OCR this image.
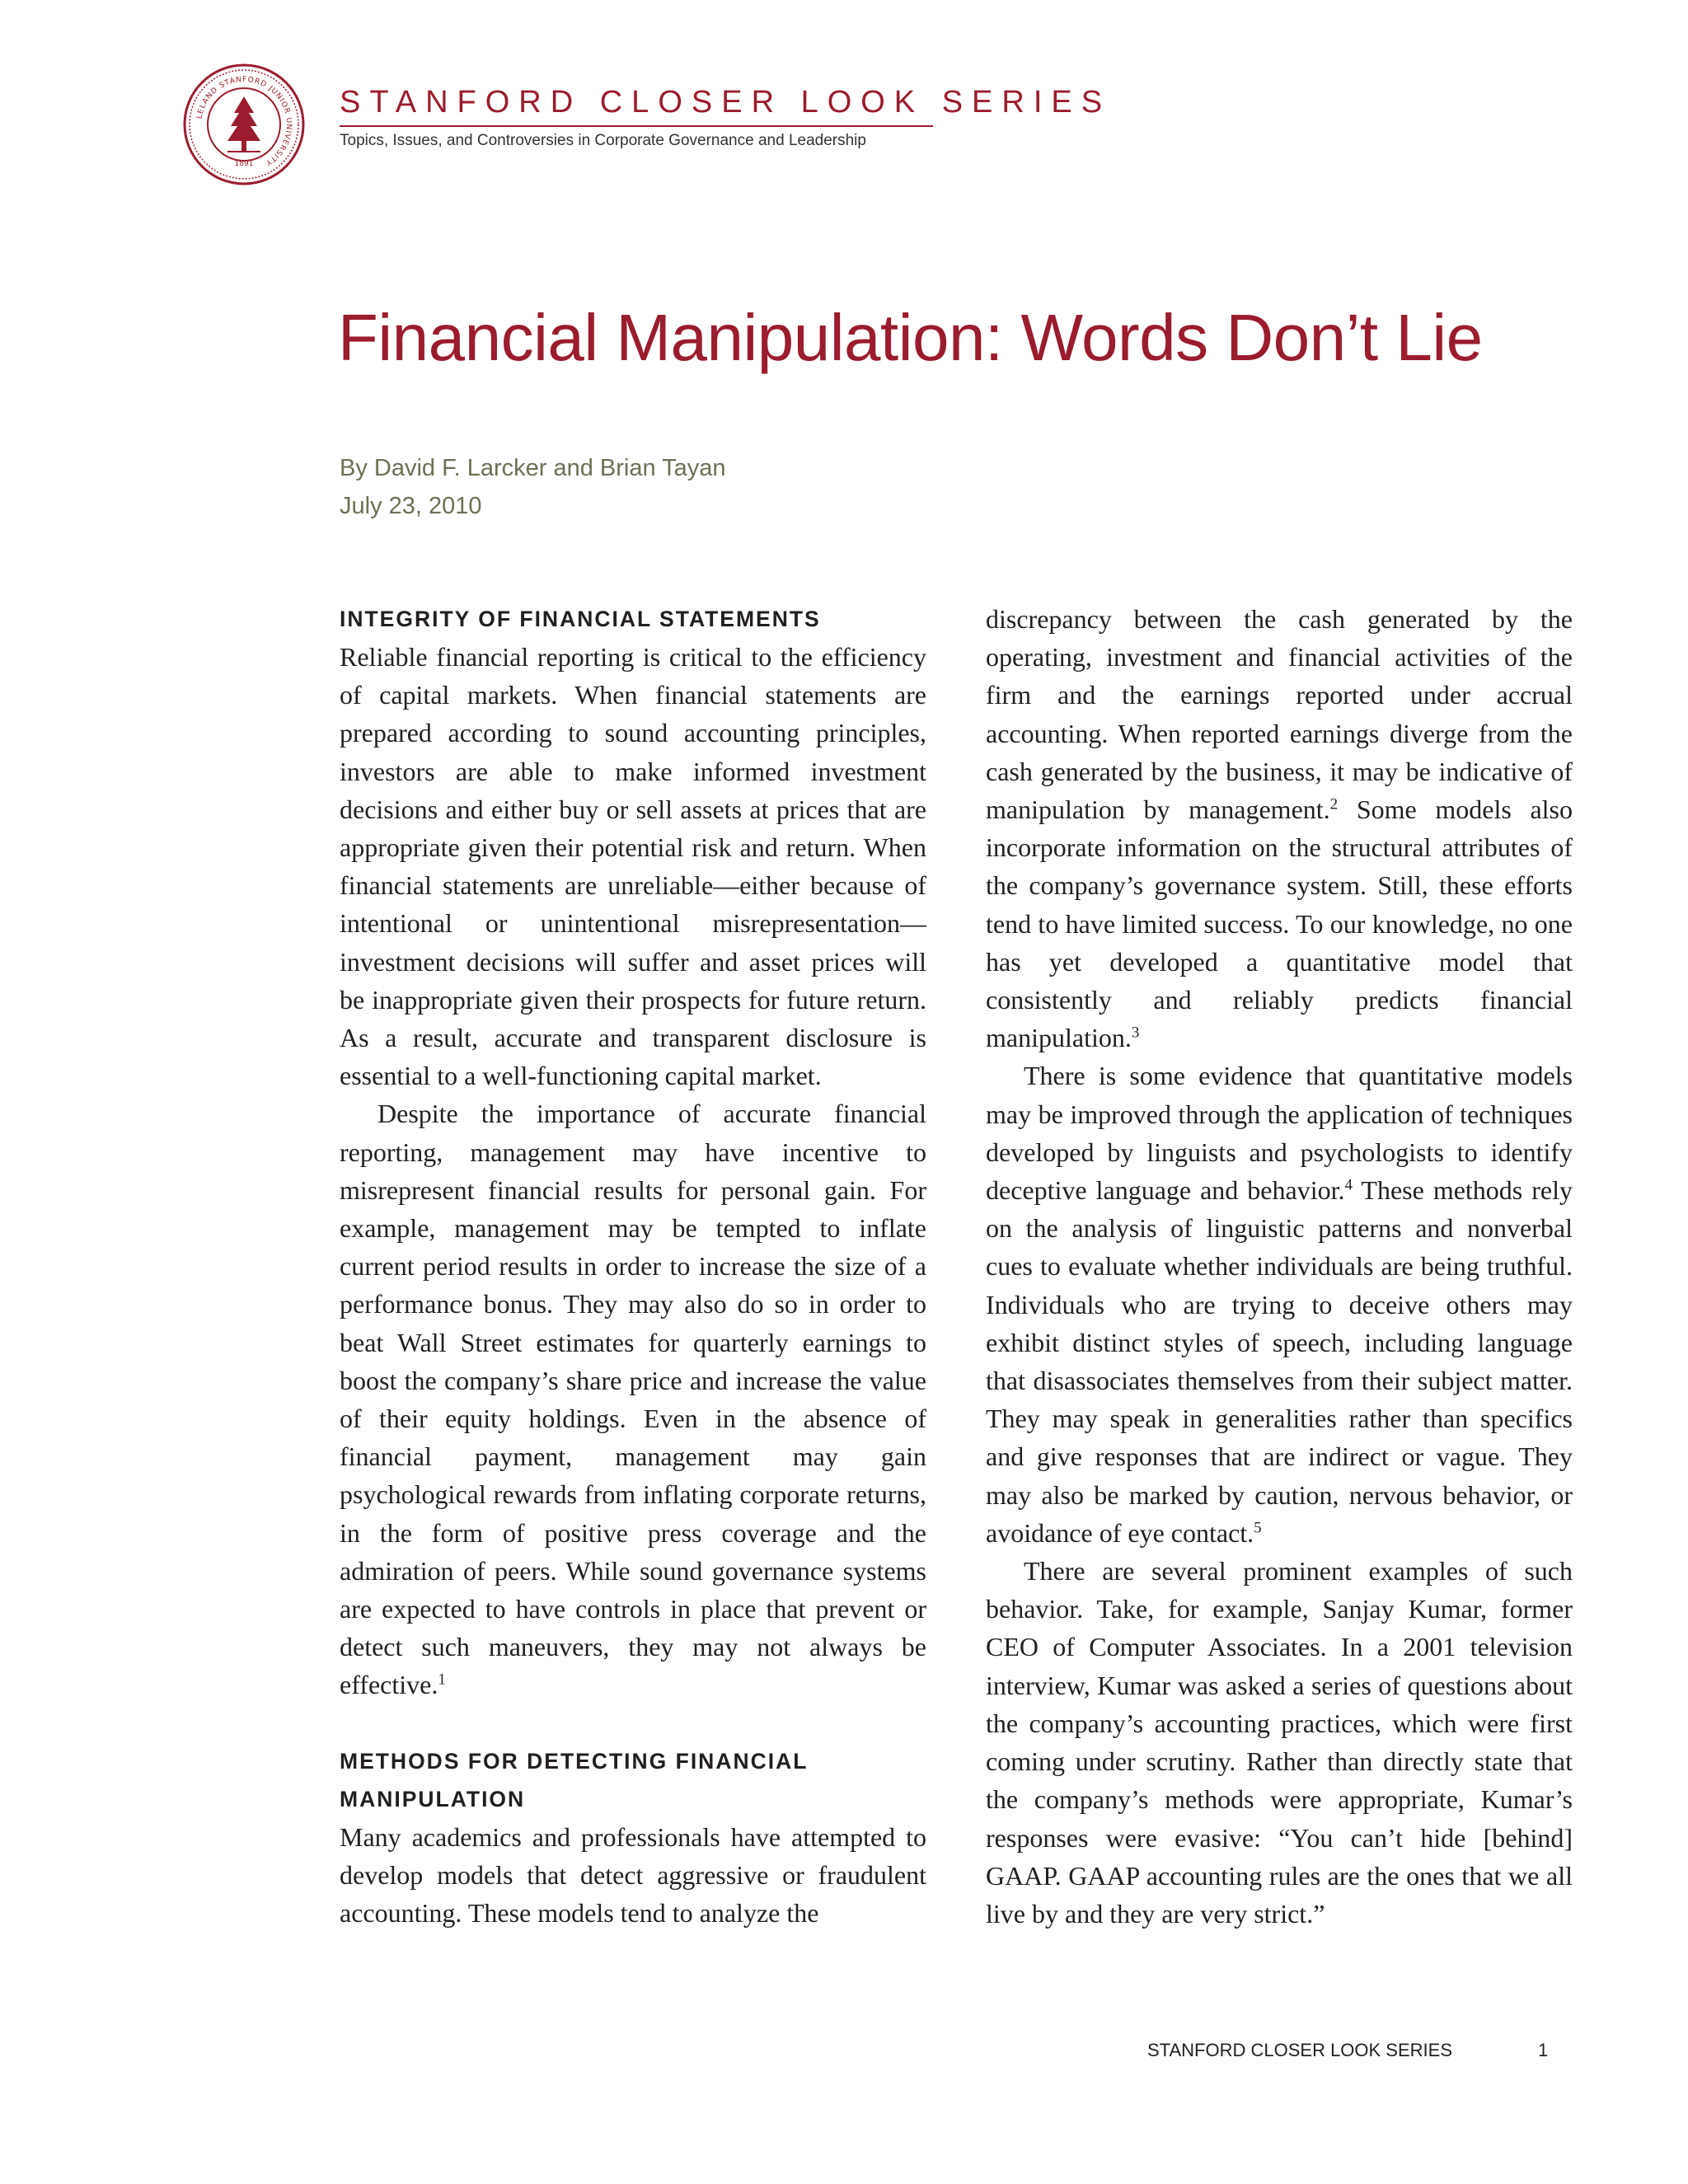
LELAND STANFORD JUNIOR UNIVERSITY
1891
STANFORD CLOSER LOOK SERIES
Topics, Issues, and Controversies in Corporate Governance and Leadership
Financial Manipulation: Words Don’t Lie
By David F. Larcker and Brian Tayan
July 23, 2010
INTEGRITY OF FINANCIAL STATEMENTS

Reliable financial reporting is critical to the efficiency of capital markets. When financial statements are prepared according to sound accounting principles, investors are able to make informed investment decisions and either buy or sell assets at prices that are appropriate given their potential risk and return. When financial statements are unreliable—either because of intentional or unintentional misrepresentation—investment decisions will suffer and asset prices will be inappropriate given their prospects for future return. As a result, accurate and transparent disclosure is essential to a well-functioning capital market.

Despite the importance of accurate financial reporting, management may have incentive to misrepresent financial results for personal gain. For example, management may be tempted to inflate current period results in order to increase the size of a performance bonus. They may also do so in order to beat Wall Street estimates for quarterly earnings to boost the company’s share price and increase the value of their equity holdings. Even in the absence of financial payment, management may gain psychological rewards from inflating corporate returns, in the form of positive press coverage and the admiration of peers. While sound governance systems are expected to have controls in place that prevent or detect such maneuvers, they may not always be effective.$^1$

METHODS FOR DETECTING FINANCIAL
MANIPULATION

Many academics and professionals have attempted to develop models that detect aggressive or fraudulent accounting. These models tend to analyze the

discrepancy between the cash generated by the operating, investment and financial activities of the firm and the earnings reported under accrual accounting. When reported earnings diverge from the cash generated by the business, it may be indicative of manipulation by management.$^2$ Some models also incorporate information on the structural attributes of the company’s governance system. Still, these efforts tend to have limited success. To our knowledge, no one has yet developed a quantitative model that consistently and reliably predicts financial manipulation.$^3$

There is some evidence that quantitative models may be improved through the application of techniques developed by linguists and psychologists to identify deceptive language and behavior.$^4$ These methods rely on the analysis of linguistic patterns and nonverbal cues to evaluate whether individuals are being truthful. Individuals who are trying to deceive others may exhibit distinct styles of speech, including language that disassociates themselves from their subject matter. They may speak in generalities rather than specifics and give responses that are indirect or vague. They may also be marked by caution, nervous behavior, or avoidance of eye contact.$^5$

There are several prominent examples of such behavior. Take, for example, Sanjay Kumar, former CEO of Computer Associates. In a 2001 television interview, Kumar was asked a series of questions about the company’s accounting practices, which were first coming under scrutiny. Rather than directly state that the company’s methods were appropriate, Kumar’s responses were evasive: “You can’t hide [behind] GAAP. GAAP accounting rules are the ones that we all live by and they are very strict.”

STANFORD CLOSER LOOK SERIES	1
